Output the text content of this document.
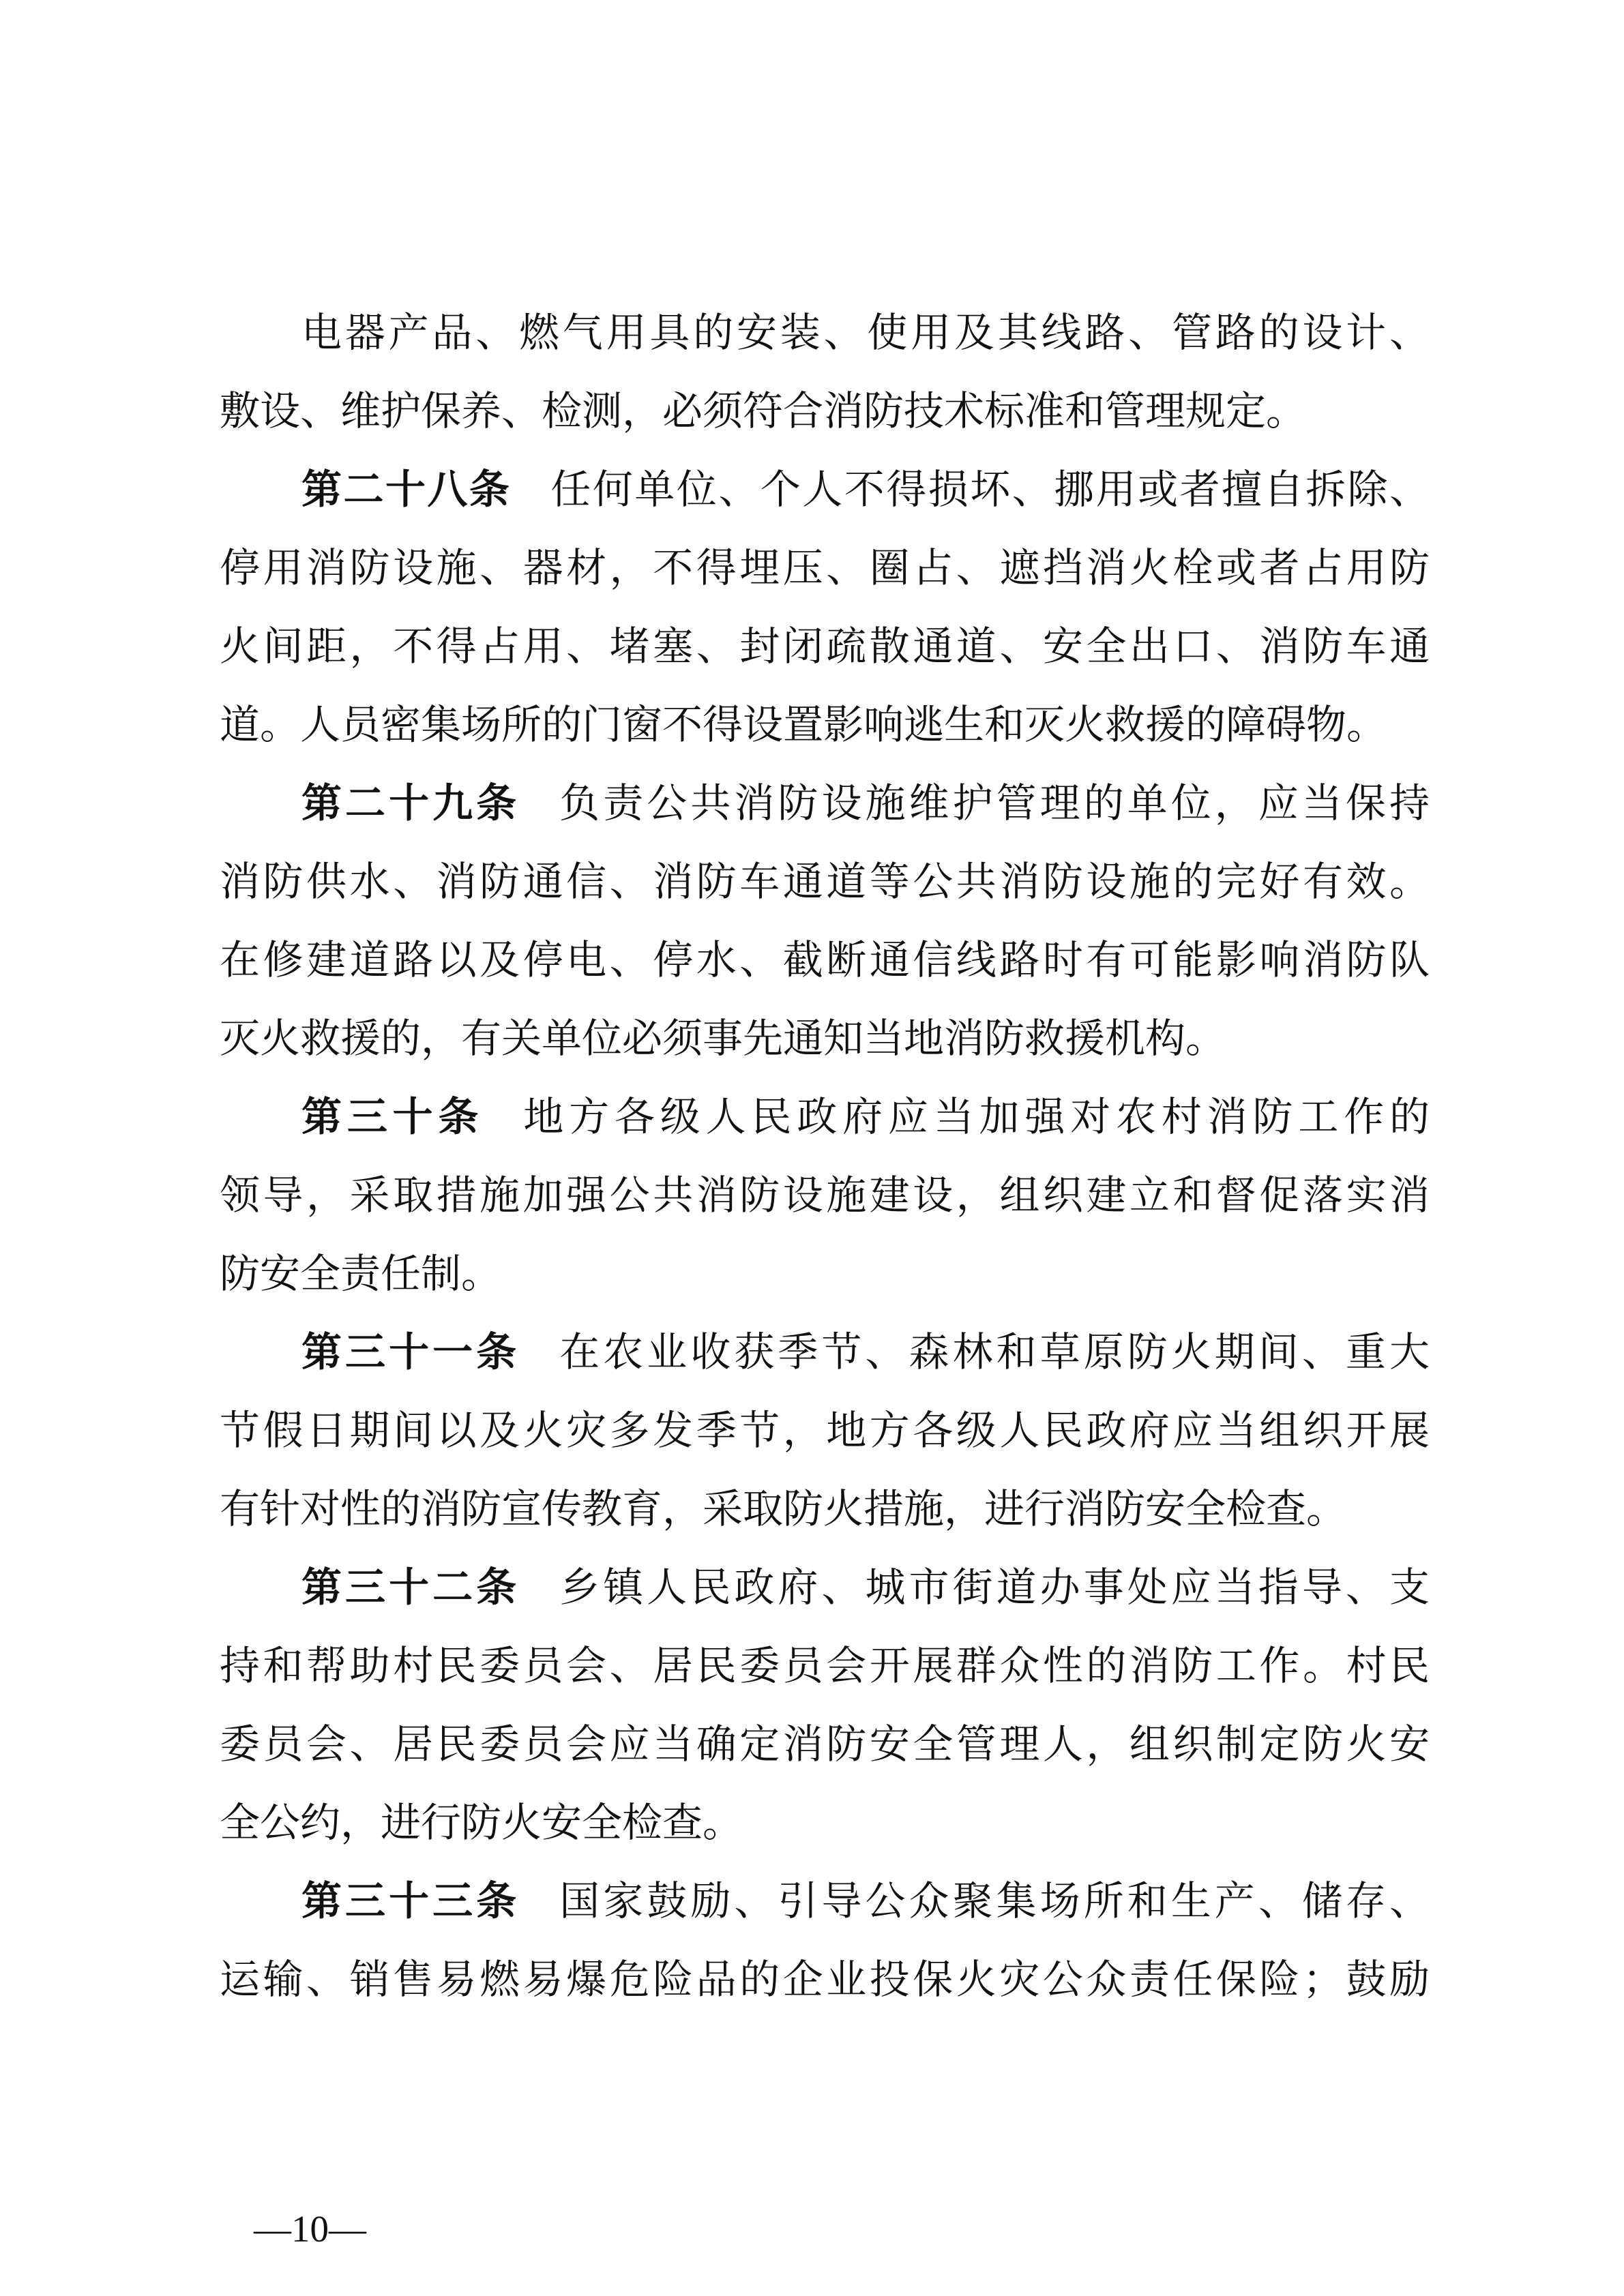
电器产品、燃气用具的安装、使用及其线路、管路的设计、
敷设、维护保养、检测，必须符合消防技术标准和管理规定。
第二十八条 任何单位、个人不得损坏、挪用或者擅自拆除、
停用消防设施、器材，不得埋压、圈占、遮挡消火栓或者占用防
火间距，不得占用、堵塞、封闭疏散通道、安全出口、消防车通
道。人员密集场所的门窗不得设置影响逃生和灭火救援的障碍物。
第二十九条 负责公共消防设施维护管理的单位，应当保持
消防供水、消防通信、消防车通道等公共消防设施的完好有效。
在修建道路以及停电、停水、截断通信线路时有可能影响消防队
灭火救援的，有关单位必须事先通知当地消防救援机构。
第三十条 地方各级人民政府应当加强对农村消防工作的
领导，采取措施加强公共消防设施建设，组织建立和督促落实消
防安全责任制。
第三十一条 在农业收获季节、森林和草原防火期间、重大
节假日期间以及火灾多发季节，地方各级人民政府应当组织开展
有针对性的消防宣传教育，采取防火措施，进行消防安全检查。
第三十二条 乡镇人民政府、城市街道办事处应当指导、支
持和帮助村民委员会、居民委员会开展群众性的消防工作。村民
委员会、居民委员会应当确定消防安全管理人，组织制定防火安
全公约，进行防火安全检查。
第三十三条 国家鼓励、引导公众聚集场所和生产、储存、
运输、销售易燃易爆危险品的企业投保火灾公众责任保险；鼓励
—10—
